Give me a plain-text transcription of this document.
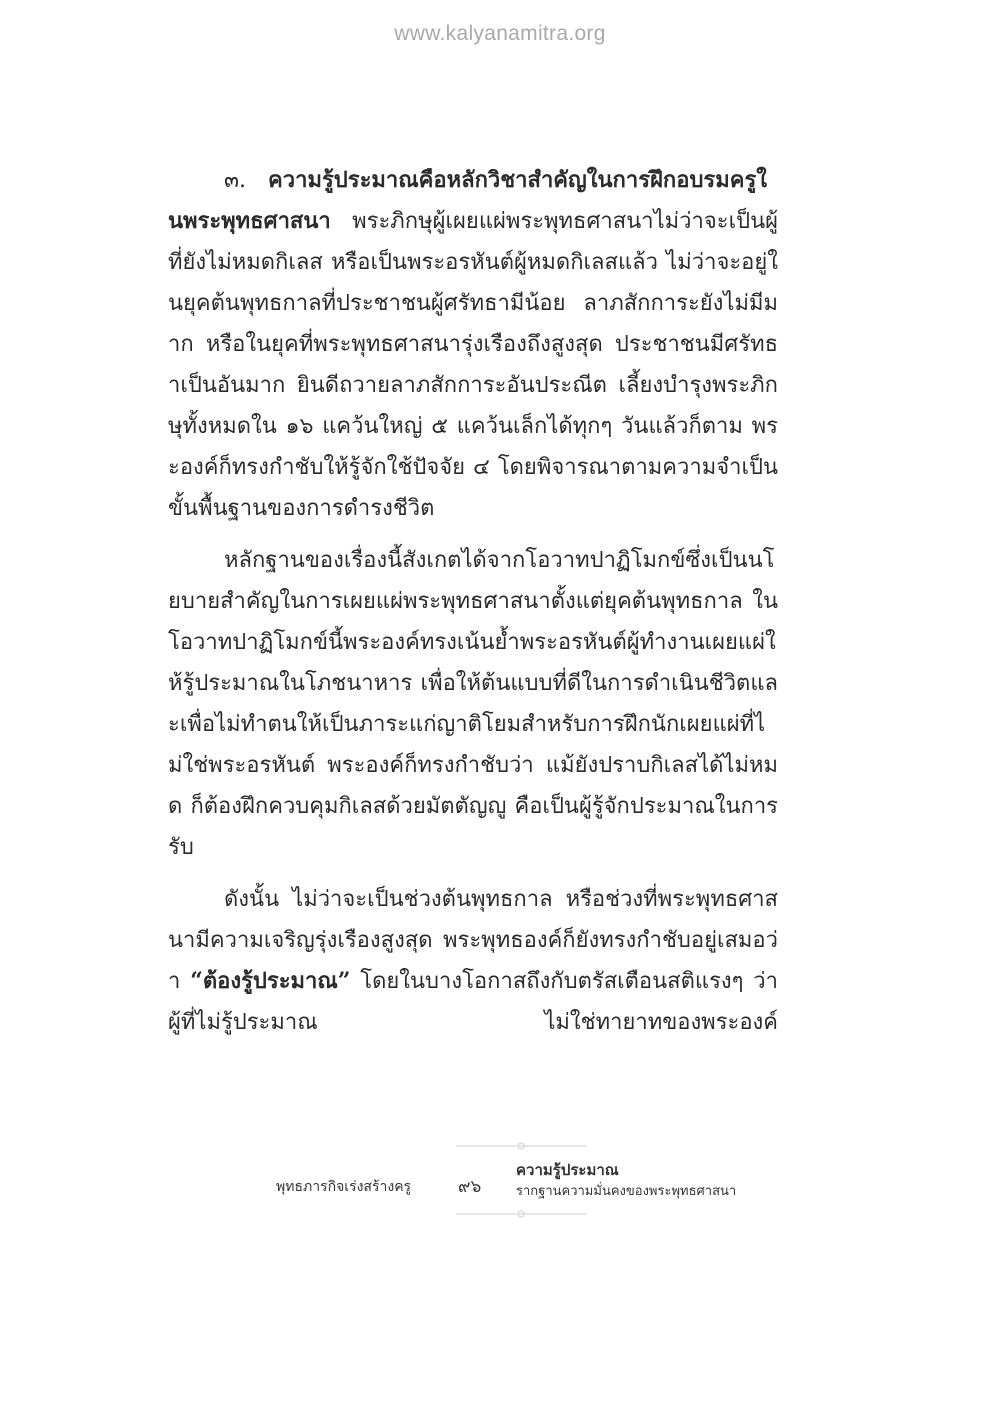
www.kalyanamitra.org

๓. ความรู้ประมาณคือหลักวิชาสำคัญในการฝึกอบรมครูในพระพุทธศาสนา พระภิกษุผู้เผยแผ่พระพุทธศาสนาไม่ว่าจะเป็นผู้ที่ยังไม่หมดกิเลส หรือเป็นพระอรหันต์ผู้หมดกิเลสแล้ว ไม่ว่าจะอยู่ในยุคต้นพุทธกาลที่ประชาชนผู้ศรัทธามีน้อย ลาภสักการะยังไม่มีมาก หรือในยุคที่พระพุทธศาสนารุ่งเรืองถึงสูงสุด ประชาชนมีศรัทธาเป็นอันมาก ยินดีถวายลาภสักการะอันประณีต เลี้ยงบำรุงพระภิกษุทั้งหมดใน ๑๖ แคว้นใหญ่ ๕ แคว้นเล็กได้ทุกๆ วันแล้วก็ตาม พระองค์ก็ทรงกำชับให้รู้จักใช้ปัจจัย ๔ โดยพิจารณาตามความจำเป็นขั้นพื้นฐานของการดำรงชีวิต

หลักฐานของเรื่องนี้สังเกตได้จากโอวาทปาฏิโมกข์ซึ่งเป็นนโยบายสำคัญในการเผยแผ่พระพุทธศาสนาตั้งแต่ยุคต้นพุทธกาล ในโอวาทปาฏิโมกข์นี้พระองค์ทรงเน้นย้ำพระอรหันต์ผู้ทำงานเผยแผ่ให้รู้ประมาณในโภชนาหาร เพื่อให้ต้นแบบที่ดีในการดำเนินชีวิตและเพื่อไม่ทำตนให้เป็นภาระแก่ญาติโยมสำหรับการฝึกนักเผยแผ่ที่ไม่ใช่พระอรหันต์ พระองค์ก็ทรงกำชับว่า แม้ยังปราบกิเลสได้ไม่หมด ก็ต้องฝึกควบคุมกิเลสด้วยมัตตัญญู คือเป็นผู้รู้จักประมาณในการรับ

ดังนั้น ไม่ว่าจะเป็นช่วงต้นพุทธกาล หรือช่วงที่พระพุทธศาสนามีความเจริญรุ่งเรืองสูงสุด พระพุทธองค์ก็ยังทรงกำชับอยู่เสมอว่า “ต้องรู้ประมาณ” โดยในบางโอกาสถึงกับตรัสเตือนสติแรงๆ ว่า ผู้ที่ไม่รู้ประมาณ ไม่ใช่ทายาทของพระองค์

พุทธภารกิจเร่งสร้างครู	๙๖
ความรู้ประมาณ
รากฐานความมั่นคงของพระพุทธศาสนา
